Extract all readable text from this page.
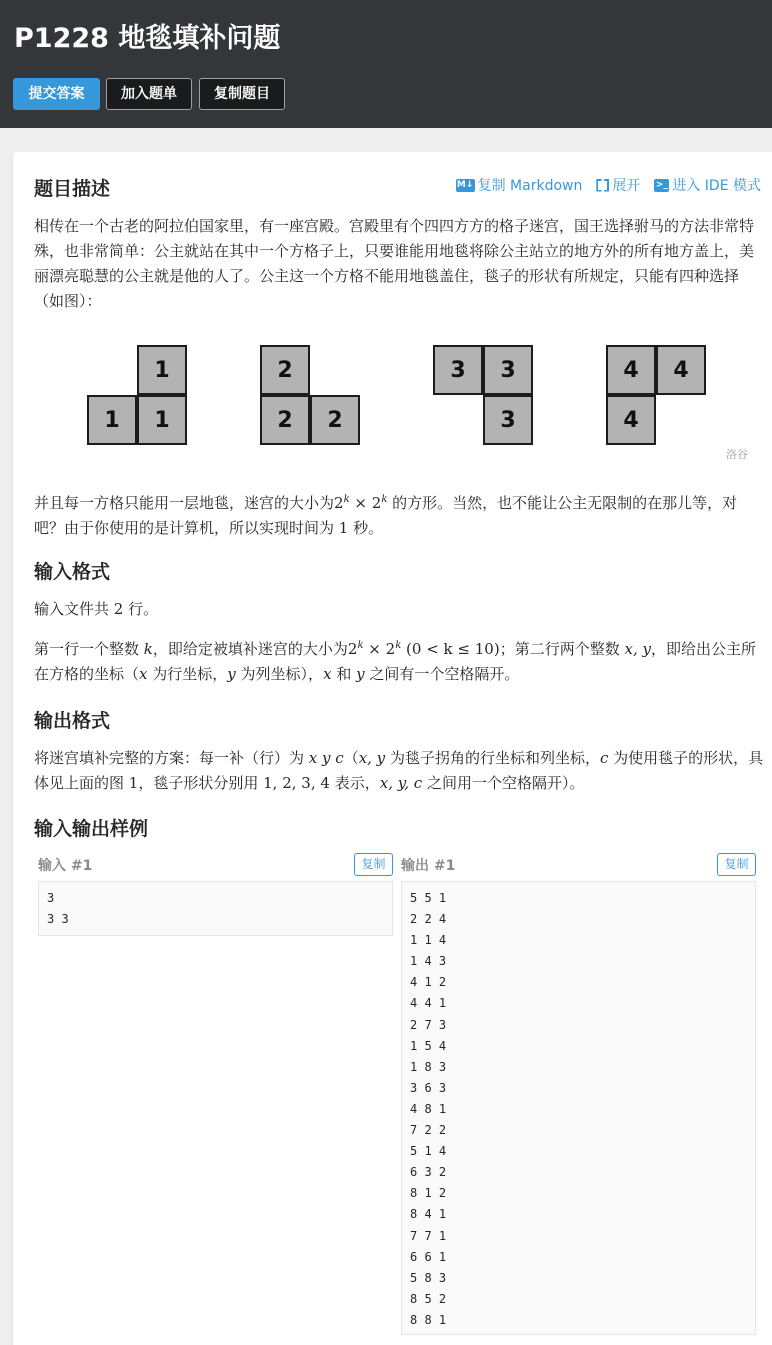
P1228 地毯填补问题
提交答案	加入题单	复制题目
题目描述	M↓ 复制 Markdown 展开 >_ 进入 IDE 模式
相传在一个古老的阿拉伯国家里，有一座宫殿。宫殿里有个四四方方的格子迷宫，国王选择驸马的方法非常特殊，也非常简单：公主就站在其中一个方格子上，只要谁能用地毯将除公主站立的地方外的所有地方盖上，美丽漂亮聪慧的公主就是他的人了。公主这一个方格不能用地毯盖住，毯子的形状有所规定，只能有四种选择（如图）：
1
1	1
2
2	2
3	3
3
4	4
4
洛谷
并且每一方格只能用一层地毯，迷宫的大小为$2^k \times 2^k$ 的方形。当然，也不能让公主无限制的在那儿等，对吧？由于你使用的是计算机，所以实现时间为 1 秒。
输入格式
输入文件共 2 行。
第一行一个整数 k，即给定被填补迷宫的大小为$2^k \times 2^k$ (0 < k ≤ 10)；第二行两个整数 x, y，即给出公主所在方格的坐标（x 为行坐标，y 为列坐标），x 和 y 之间有一个空格隔开。
输出格式
将迷宫填补完整的方案：每一补（行）为 x y c（x, y 为毯子拐角的行坐标和列坐标，c 为使用毯子的形状，具体见上面的图 1，毯子形状分别用 1, 2, 3, 4 表示，x, y, c 之间用一个空格隔开）。
输入输出样例
输入 #1	复制
3
3 3
输出 #1	复制
5 5 1
2 2 4
1 1 4
1 4 3
4 1 2
4 4 1
2 7 3
1 5 4
1 8 3
3 6 3
4 8 1
7 2 2
5 1 4
6 3 2
8 1 2
8 4 1
7 7 1
6 6 1
5 8 3
8 5 2
8 8 1
